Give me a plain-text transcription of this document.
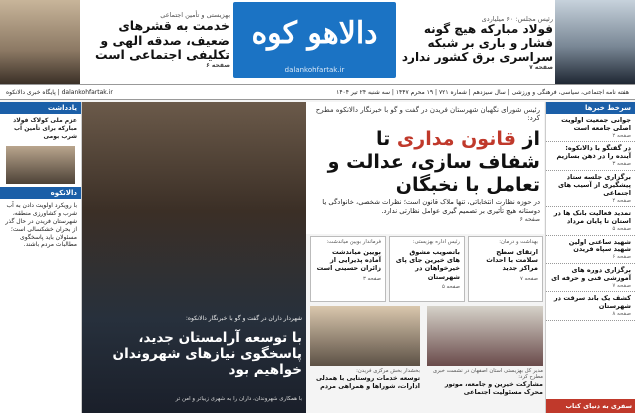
دالاهو کوه
dalankohfartak.ir
بهزیستی و تأمین اجتماعی
خدمت به قشرهای ضعیف، صدقه الهی و تکلیفی اجتماعی است
صفحه ۶
رئیس مجلس: ۶۰ میلیاردی
فولاد مبارکه هیچ گونه فشار و باری بر شبکه سراسری برق کشور ندارد
صفحه ۷
هفته نامه اجتماعی، سیاسی، فرهنگی و ورزشی | سال سیزدهم | شماره ۷۲۱ | ۱۹ محرم ۱۴۴۷ | سه شنبه ۲۴ تیر ۱۴۰۴
dalankohfartak.ir | پایگاه خبری دالانکوه
سرخط خبرها
جوانی جمعیت اولویت اصلی جامعه است
صفحه ۲
در گفتگو با دالانکوه: آینده را در ذهن بسازیم
صفحه ۳
برگزاری جلسه ستاد پیشگیری از آسیب های اجتماعی
صفحه ۴
تمدید فعالیت بانک ها در استان تا پایان مرداد
صفحه ۵
شهید ساعتی اولین شهید سپاه فریدن
صفحه ۶
برگزاری دوره های آموزشی فنی و حرفه ای
صفحه ۷
کشف یک باند سرقت در شهرستان
صفحه ۸
سفری به دنیای کتاب
یادداشت
عزم ملی کولاک فولاد مبارکه برای تأمین آب شرب بومی
دالانکوه
با رویکرد اولویت دادن به آب شرب و کشاورزی منطقه، شهرستان فریدن در حال گذر از بحران خشکسالی است؛ مسئولان باید پاسخگوی مطالبات مردم باشند.
شهردار داران در گفت و گو با خبرنگار دالانکوه:
با توسعه آرامستان جدید، پاسخگوی نیازهای شهروندان خواهیم بود
با همکاری شهروندان، داران را به شهری زیباتر و امن تر
رئیس شورای نگهبان شهرستان فریدن در گفت و گو با خبرنگار دالانکوه مطرح کرد:
از قانون مداری تا شفاف سازی، عدالت و تعامل با نخبگان
در حوزه نظارت انتخاباتی، تنها ملاک قانون است؛ نظرات شخصی، خانوادگی یا دوستانه هیچ تأثیری بر تصمیم گیری عوامل نظارتی ندارد.
صفحه ۶
فرماندار بویین میاندشت:
بویین میاندشت آماده پذیرایی از زائران حسینی است
صفحه ۳
رئیس اداره بهزیستی:
باتصویب مشوق های خیرین جای پای خیرخواهان در شهرستان
صفحه ۵
بهداشت و درمان:
ارتقای سطح سلامت با احداث مراکز جدید
صفحه ۷
بخشدار بخش مرکزی فریدن:
توسعه خدمات روستایی با همدلی ادارات، شوراها و همراهی مردم
مدیر کل بهزیستی استان اصفهان در نشست خبری مطرح کرد:
مشارکت خیرین و جامعه، موتور محرک مسئولیت اجتماعی
